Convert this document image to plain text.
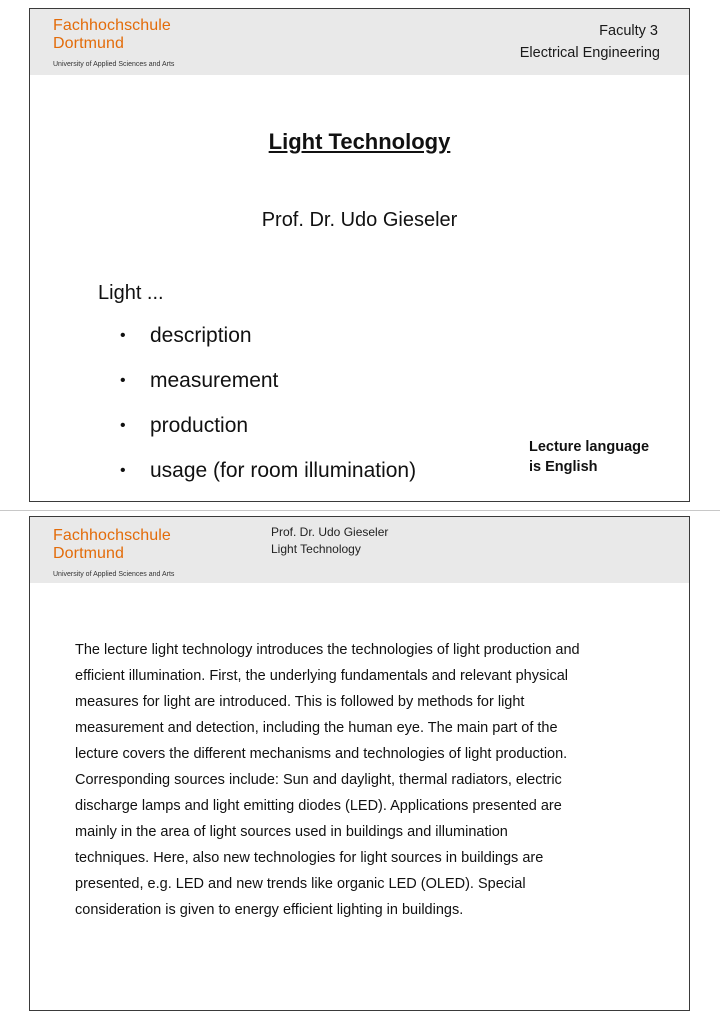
Fachhochschule
Dortmund
University of Applied Sciences and Arts
Faculty 3
Electrical Engineering
Light Technology
Prof. Dr. Udo Gieseler
Light ...
• description
• measurement
• production
• usage (for room illumination)
Lecture language
is English
Fachhochschule
Dortmund
University of Applied Sciences and Arts
Prof. Dr. Udo Gieseler
Light Technology
The lecture light technology introduces the technologies of light production and
efficient illumination. First, the underlying fundamentals and relevant physical
measures for light are introduced. This is followed by methods for light
measurement and detection, including the human eye. The main part of the
lecture covers the different mechanisms and technologies of light production.
Corresponding sources include: Sun and daylight, thermal radiators, electric
discharge lamps and light emitting diodes (LED). Applications presented are
mainly in the area of light sources used in buildings and illumination
techniques. Here, also new technologies for light sources in buildings are
presented, e.g. LED and new trends like organic LED (OLED). Special
consideration is given to energy efficient lighting in buildings.
